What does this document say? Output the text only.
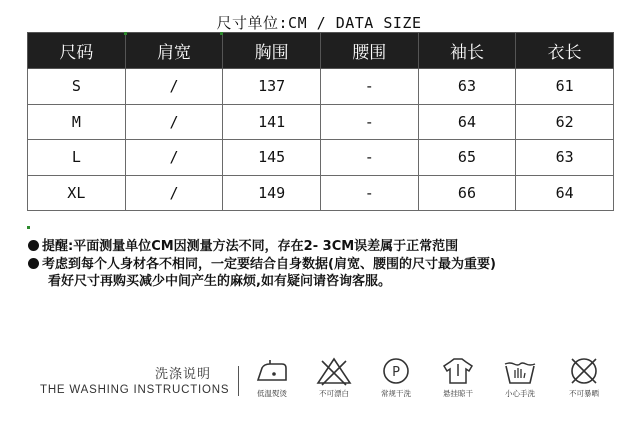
尺寸单位:CM / DATA SIZE
尺码	肩宽	胸围	腰围	袖长	衣长
S	/	137	-	63	61
M	/	141	-	64	62
L	/	145	-	65	63
XL	/	149	-	66	64
提醒:平面测量单位CM因测量方法不同，存在2- 3CM误差属于正常范围
考虑到每个人身材各不相同，一定要结合自身数据(肩宽、腰围的尺寸最为重要)
看好尺寸再购买减少中间产生的麻烦,如有疑问请咨询客服。
洗涤说明
THE WASHING INSTRUCTIONS	低温熨烫	不可漂白
P
常规干洗	悬挂晾干	小心手洗	不可暴晒
